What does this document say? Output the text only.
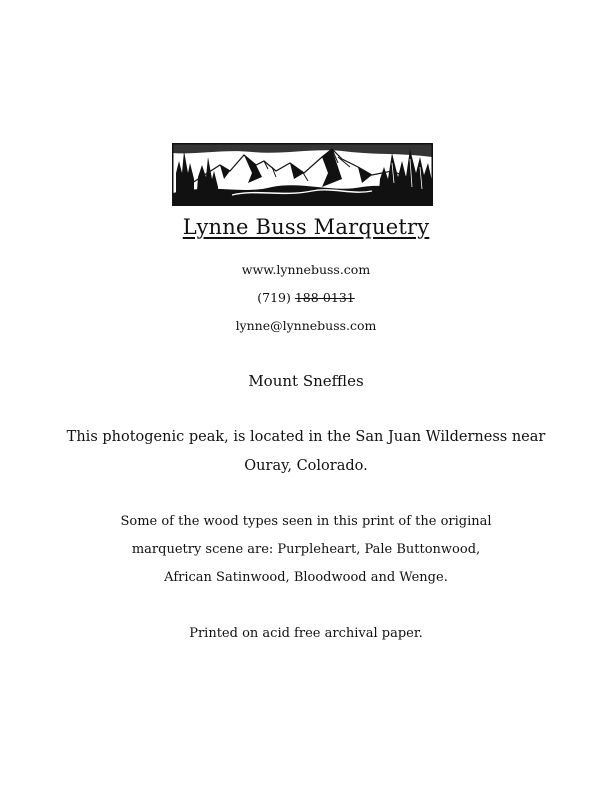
Lynne Buss Marquetry
www.lynnebuss.com
(719) 188-0131
lynne@lynnebuss.com
Mount Sneffles
This photogenic peak, is located in the San Juan Wilderness near
Ouray, Colorado.
Some of the wood types seen in this print of the original
marquetry scene are: Purpleheart, Pale Buttonwood,
African Satinwood, Bloodwood and Wenge.
Printed on acid free archival paper.
